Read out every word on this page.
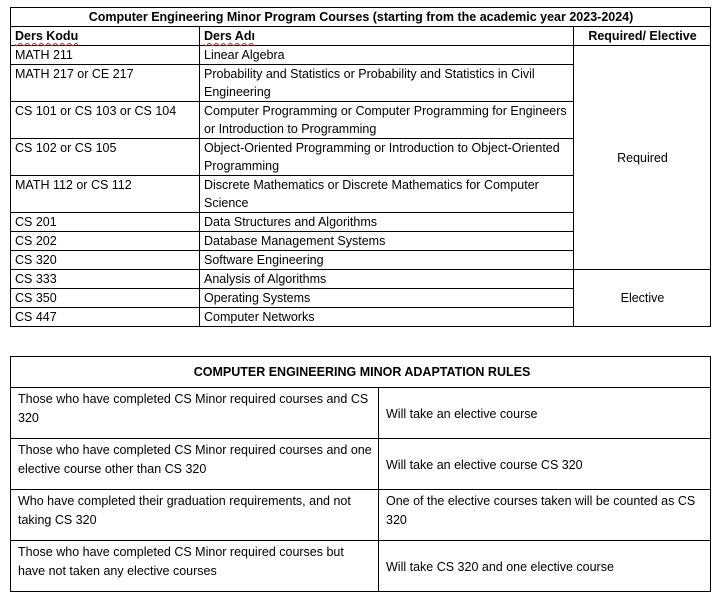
Computer Engineering Minor Program Courses (starting from the academic year 2023-2024)		
Ders Kodu	Ders Adı	Required/ Elective
MATH 211	Linear Algebra	Required
MATH 217 or CE 217	Probability and Statistics or Probability and Statistics in Civil Engineering	
CS 101 or CS 103 or CS 104	Computer Programming or Computer Programming for Engineers or Introduction to Programming	
CS 102 or CS 105	Object-Oriented Programming or Introduction to Object-Oriented Programming	
MATH 112 or CS 112	Discrete Mathematics or Discrete Mathematics for Computer Science	
CS 201	Data Structures and Algorithms	
CS 202	Database Management Systems	
CS 320	Software Engineering	
CS 333	Analysis of Algorithms	Elective
CS 350	Operating Systems	
CS 447	Computer Networks	
COMPUTER ENGINEERING MINOR ADAPTATION RULES	
Those who have completed CS Minor required courses and CS 320	Will take an elective course
Those who have completed CS Minor required courses and one elective course other than CS 320	Will take an elective course CS 320
Who have completed their graduation requirements, and not taking CS 320	One of the elective courses taken will be counted as CS 320
Those who have completed CS Minor required courses but have not taken any elective courses	Will take CS 320 and one elective course
